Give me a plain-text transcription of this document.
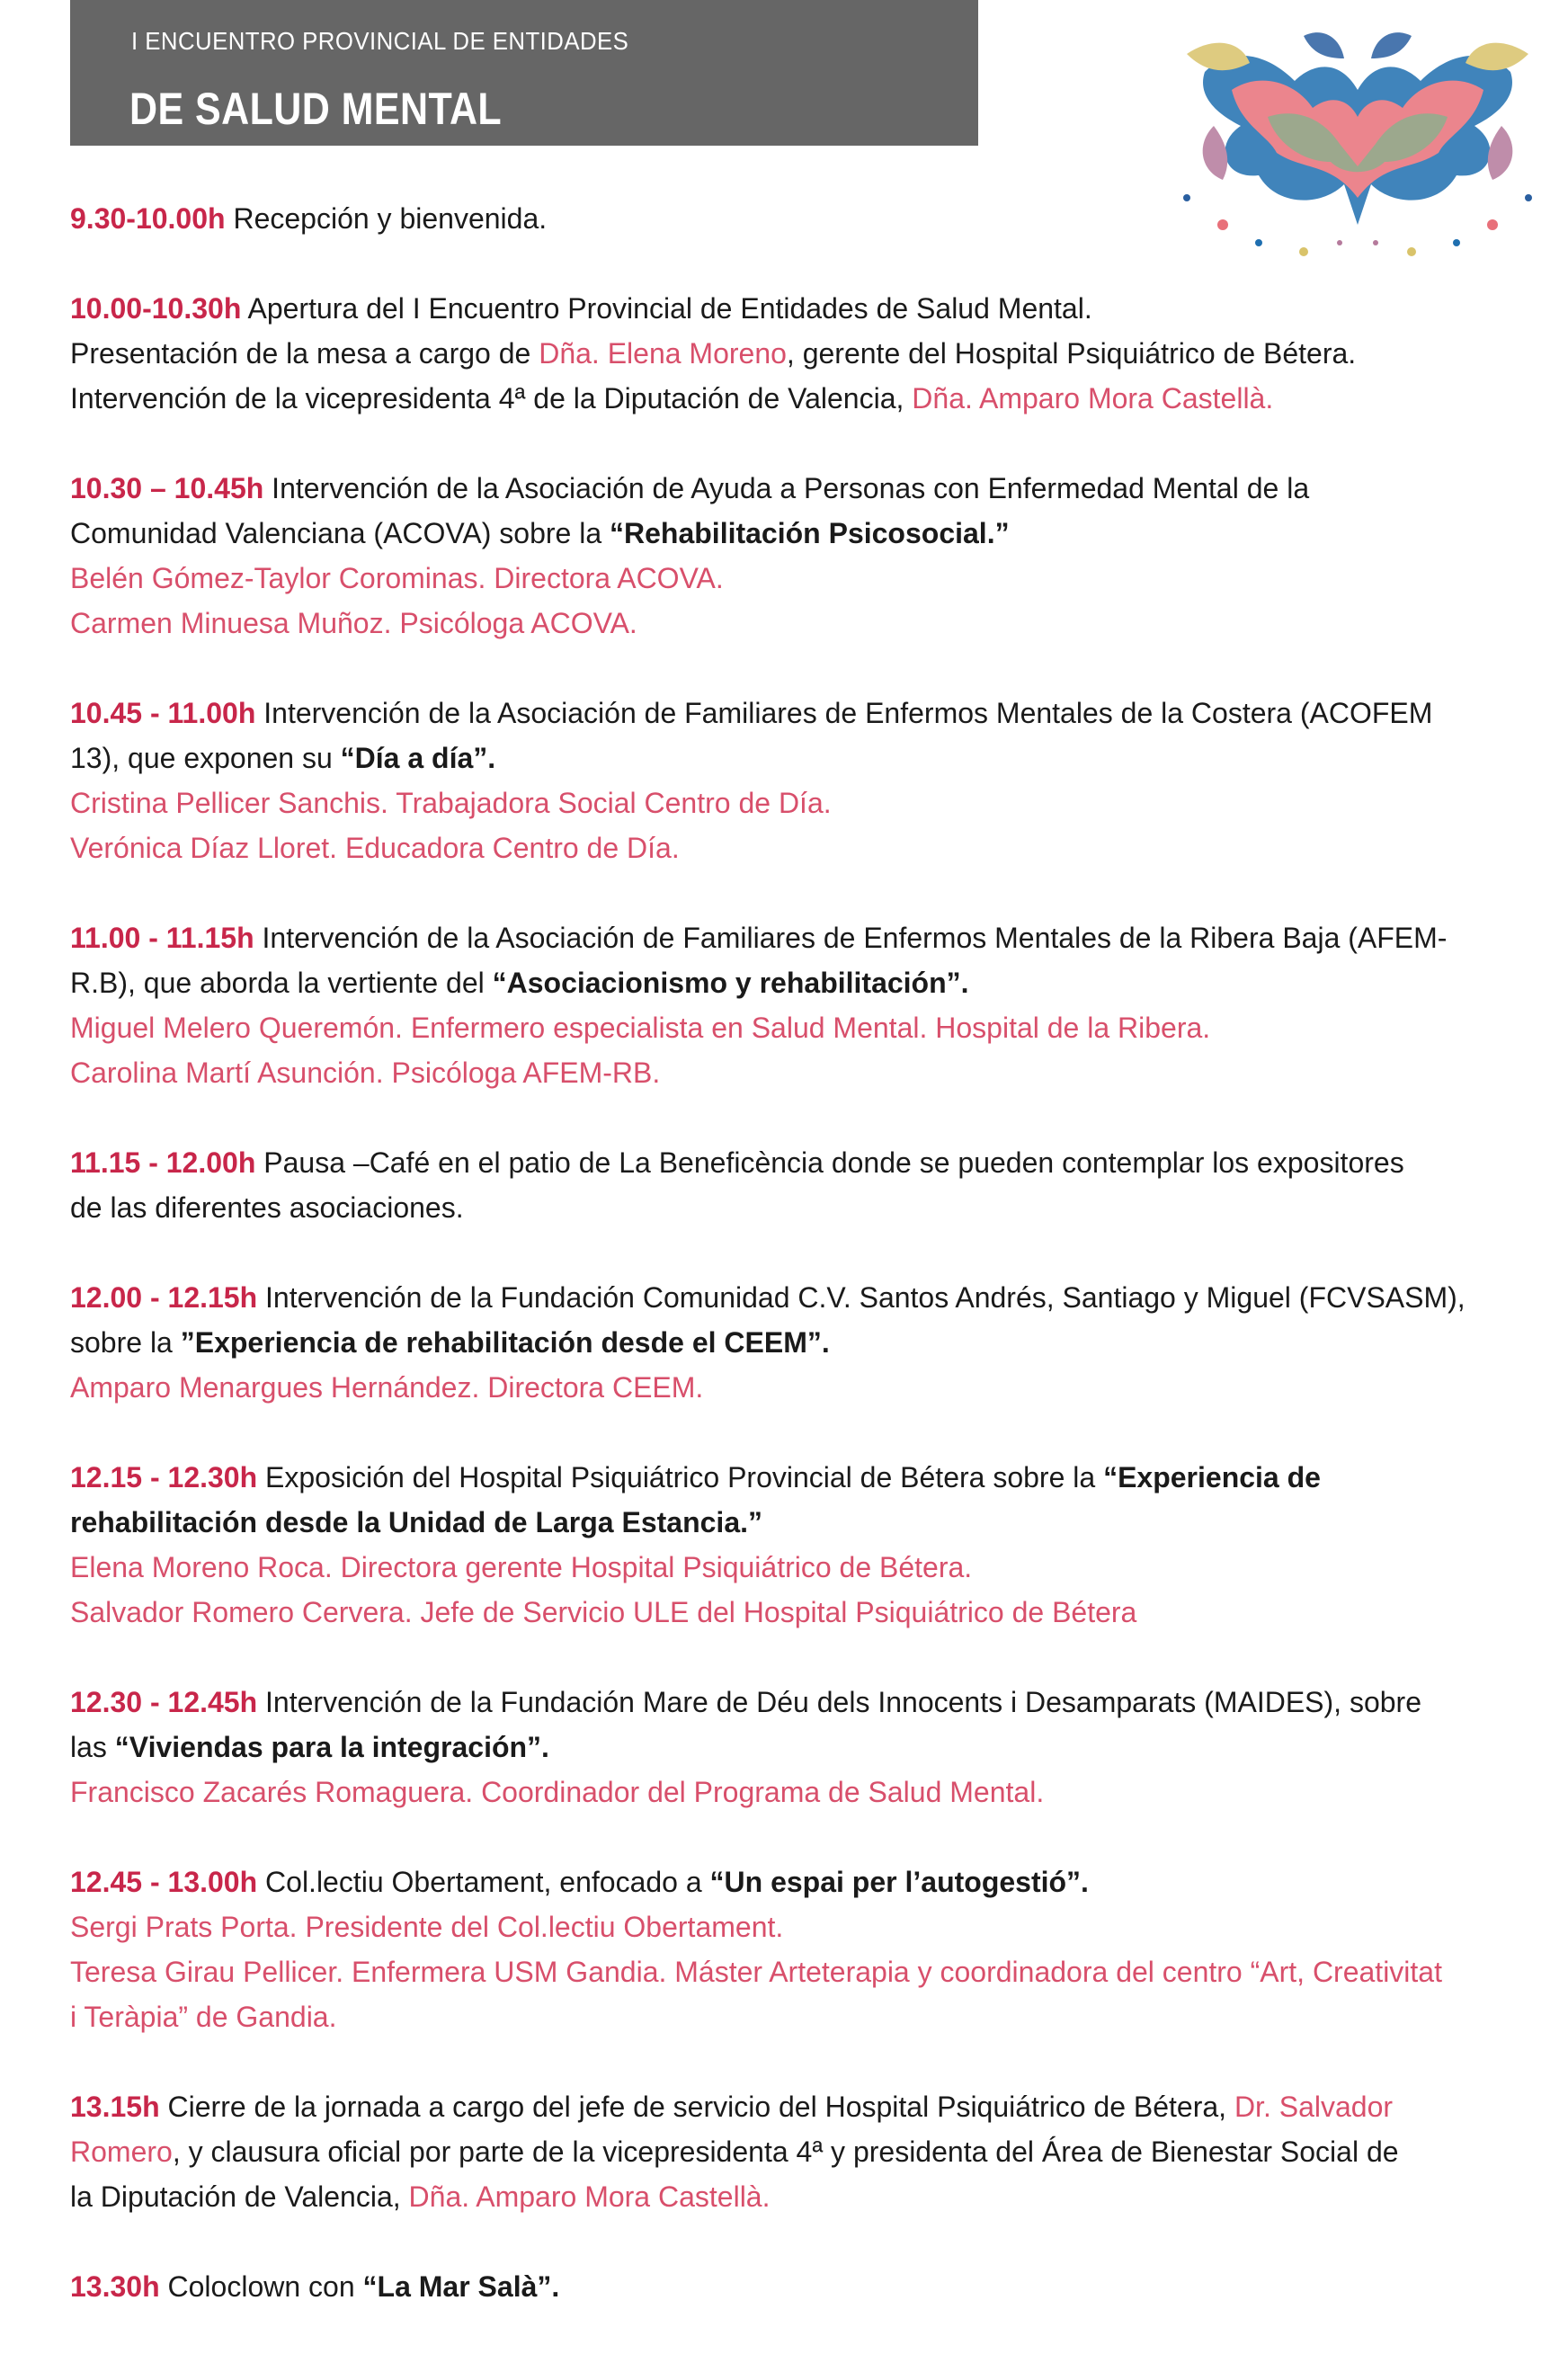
I ENCUENTRO PROVINCIAL DE ENTIDADES
DE SALUD MENTAL

9.30-10.00h Recepción y bienvenida.

10.00-10.30h Apertura del I Encuentro Provincial de Entidades de Salud Mental.

Presentación de la mesa a cargo de Dña. Elena Moreno, gerente del Hospital Psiquiátrico de Bétera.

Intervención de la vicepresidenta 4ª de la Diputación de Valencia, Dña. Amparo Mora Castellà.

10.30 – 10.45h Intervención de la Asociación de Ayuda a Personas con Enfermedad Mental de la

Comunidad Valenciana (ACOVA) sobre la “Rehabilitación Psicosocial.”

Belén Gómez-Taylor Corominas. Directora ACOVA.

Carmen Minuesa Muñoz. Psicóloga ACOVA.

10.45 - 11.00h Intervención de la Asociación de Familiares de Enfermos Mentales de la Costera (ACOFEM

13), que exponen su “Día a día”.

Cristina Pellicer Sanchis. Trabajadora Social Centro de Día.

Verónica Díaz Lloret. Educadora Centro de Día.

11.00 - 11.15h Intervención de la Asociación de Familiares de Enfermos Mentales de la Ribera Baja (AFEM-

R.B), que aborda la vertiente del “Asociacionismo y rehabilitación”.

Miguel Melero Queremón. Enfermero especialista en Salud Mental. Hospital de la Ribera.

Carolina Martí Asunción. Psicóloga AFEM-RB.

11.15 - 12.00h Pausa –Café en el patio de La Beneficència donde se pueden contemplar los expositores

de las diferentes asociaciones.

12.00 - 12.15h Intervención de la Fundación Comunidad C.V. Santos Andrés, Santiago y Miguel (FCVSASM),

sobre la ”Experiencia de rehabilitación desde el CEEM”.

Amparo Menargues Hernández. Directora CEEM.

12.15 - 12.30h Exposición del Hospital Psiquiátrico Provincial de Bétera sobre la “Experiencia de

rehabilitación desde la Unidad de Larga Estancia.”

Elena Moreno Roca. Directora gerente Hospital Psiquiátrico de Bétera.

Salvador Romero Cervera. Jefe de Servicio ULE del Hospital Psiquiátrico de Bétera

12.30 - 12.45h Intervención de la Fundación Mare de Déu dels Innocents i Desamparats (MAIDES), sobre

las “Viviendas para la integración”.

Francisco Zacarés Romaguera. Coordinador del Programa de Salud Mental.

12.45 - 13.00h Col.lectiu Obertament, enfocado a “Un espai per l’autogestió”.

Sergi Prats Porta. Presidente del Col.lectiu Obertament.

Teresa Girau Pellicer. Enfermera USM Gandia. Máster Arteterapia y coordinadora del centro “Art, Creativitat

i Teràpia” de Gandia.

13.15h Cierre de la jornada a cargo del jefe de servicio del Hospital Psiquiátrico de Bétera, Dr. Salvador

Romero, y clausura oficial por parte de la vicepresidenta 4ª y presidenta del Área de Bienestar Social de

la Diputación de Valencia, Dña. Amparo Mora Castellà.

13.30h Coloclown con “La Mar Salà”.
